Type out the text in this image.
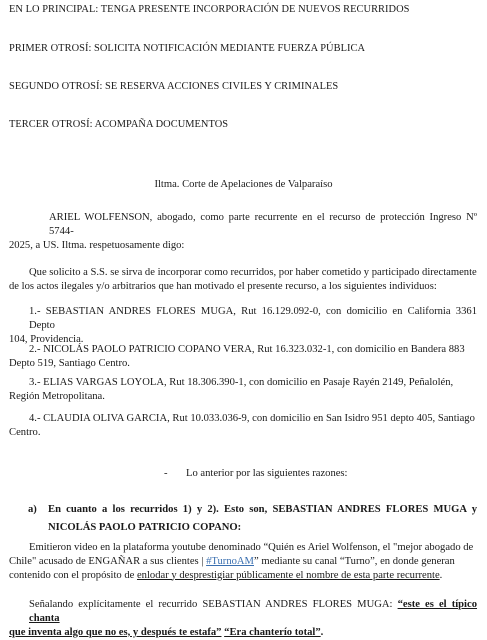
EN LO PRINCIPAL: TENGA PRESENTE INCORPORACIÓN DE NUEVOS RECURRIDOS
PRIMER OTROSÍ: SOLICITA NOTIFICACIÓN MEDIANTE FUERZA PÚBLICA
SEGUNDO OTROSÍ: SE RESERVA ACCIONES CIVILES Y CRIMINALES
TERCER OTROSÍ: ACOMPAÑA DOCUMENTOS
Iltma. Corte de Apelaciones de Valparaíso
ARIEL WOLFENSON, abogado, como parte recurrente en el recurso de protección Ingreso Nº 5744-
2025, a US. Iltma. respetuosamente digo:
Que solicito a S.S. se sirva de incorporar como recurridos, por haber cometido y participado directamente
de los actos ilegales y/o arbitrarios que han motivado el presente recurso, a los siguientes individuos:
1.- SEBASTIAN ANDRES FLORES MUGA, Rut 16.129.092-0, con domicilio en California 3361 Depto
104, Providencia.
2.- NICOLÁS PAOLO PATRICIO COPANO VERA, Rut 16.323.032-1, con domicilio en Bandera 883
Depto 519, Santiago Centro.
3.- ELIAS VARGAS LOYOLA, Rut 18.306.390-1, con domicilio en Pasaje Rayén 2149, Peñalolén,
Región Metropolitana.
4.- CLAUDIA OLIVA GARCIA, Rut 10.033.036-9, con domicilio en San Isidro 951 depto 405, Santiago
Centro.
- Lo anterior por las siguientes razones:
a) En cuanto a los recurridos 1) y 2). Esto son, SEBASTIAN ANDRES FLORES MUGA y
NICOLÁS PAOLO PATRICIO COPANO:
Emitieron video en la plataforma youtube denominado “Quién es Ariel Wolfenson, el "mejor abogado de
Chile" acusado de ENGAÑAR a sus clientes | #TurnoAM” mediante su canal “Turno”, en donde generan
contenido con el propósito de enlodar y desprestigiar públicamente el nombre de esta parte recurrente.
Señalando explícitamente el recurrido SEBASTIAN ANDRES FLORES MUGA: “este es el típico chanta
que inventa algo que no es, y después te estafa” “Era chanterío total”.
